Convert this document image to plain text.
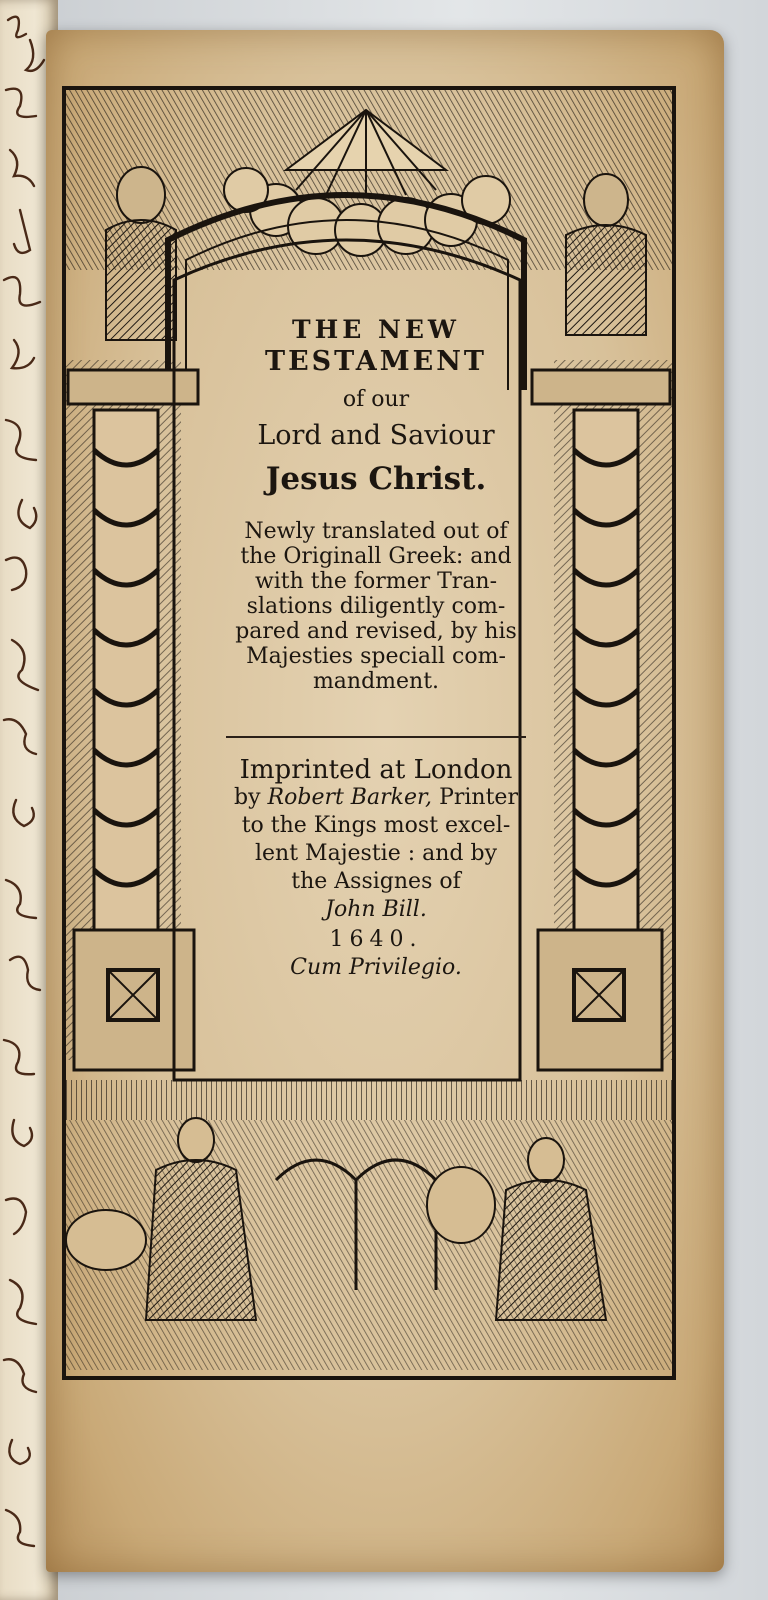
THE NEW
TESTAMENT
of our
Lord and Saviour
Jesus Christ.
Newly translated out of
the Originall Greek: and
with the former Tran-
slations diligently com-
pared and revised, by his
Majesties speciall com-
mandment.
Imprinted at London
by Robert Barker, Printer
to the Kings most excel-
lent Majestie : and by
the Assignes of
John Bill.
1640.
Cum Privilegio.
